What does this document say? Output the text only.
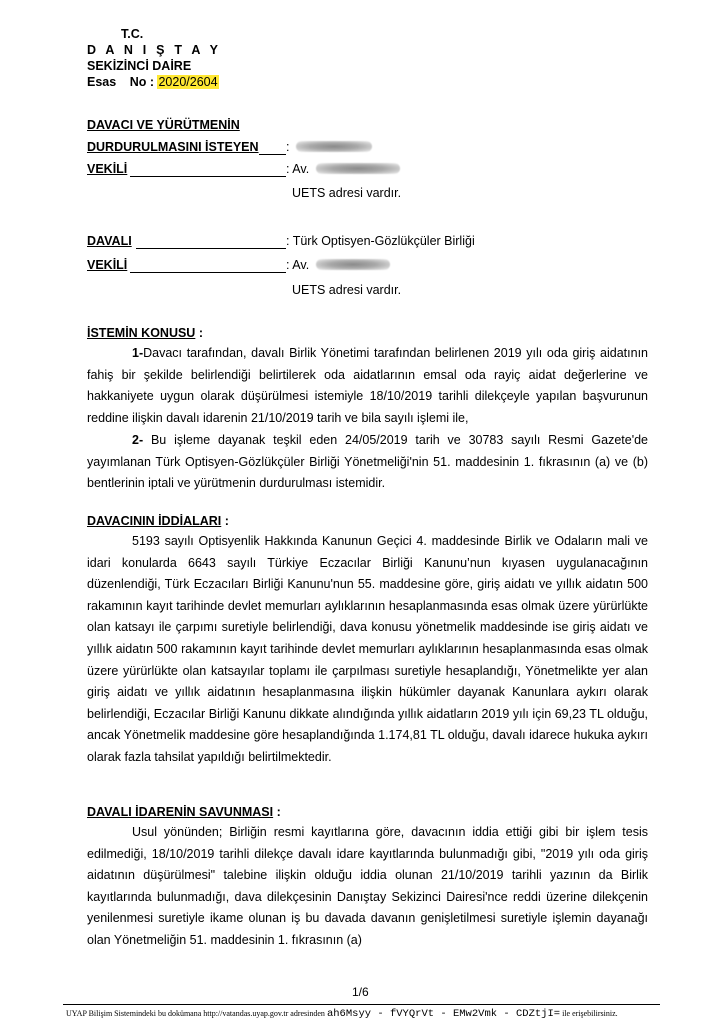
T.C.
D A N I Ş T A Y
SEKİZİNCİ DAİRE
Esas No : 2020/2604
DAVACI VE YÜRÜTMENİN
DURDURULMASINI İSTEYEN :
VEKİLİ	: Av.
UETS adresi vardır.
DAVALI	: Türk Optisyen-Gözlükçüler Birliği
VEKİLİ	: Av.
UETS adresi vardır.
İSTEMİN KONUSU :
1-Davacı tarafından, davalı Birlik Yönetimi tarafından belirlenen 2019 yılı oda giriş aidatının fahiş bir şekilde belirlendiği belirtilerek oda aidatlarının emsal oda rayiç aidat değerlerine ve hakkaniyete uygun olarak düşürülmesi istemiyle 18/10/2019 tarihli dilekçeyle yapılan başvurunun reddine ilişkin davalı idarenin 21/10/2019 tarih ve bila sayılı işlemi ile,
2- Bu işleme dayanak teşkil eden 24/05/2019 tarih ve 30783 sayılı Resmi Gazete'de yayımlanan Türk Optisyen-Gözlükçüler Birliği Yönetmeliği'nin 51. maddesinin 1. fıkrasının (a) ve (b) bentlerinin iptali ve yürütmenin durdurulması istemidir.
DAVACININ İDDİALARI :
5193 sayılı Optisyenlik Hakkında Kanunun Geçici 4. maddesinde Birlik ve Odaların mali ve idari konularda 6643 sayılı Türkiye Eczacılar Birliği Kanunu’nun kıyasen uygulanacağının düzenlendiği, Türk Eczacıları Birliği Kanunu'nun 55. maddesine göre, giriş aidatı ve yıllık aidatın 500 rakamının kayıt tarihinde devlet memurları aylıklarının hesaplanmasında esas olmak üzere yürürlükte olan katsayı ile çarpımı suretiyle belirlendiği, dava konusu yönetmelik maddesinde ise giriş aidatı ve yıllık aidatın 500 rakamının kayıt tarihinde devlet memurları aylıklarının hesaplanmasında esas olmak üzere yürürlükte olan katsayılar toplamı ile çarpılması suretiyle hesaplandığı, Yönetmelikte yer alan giriş aidatı ve yıllık aidatının hesaplanmasına ilişkin hükümler dayanak Kanunlara aykırı olarak belirlendiği, Eczacılar Birliği Kanunu dikkate alındığında yıllık aidatların 2019 yılı için 69,23 TL olduğu, ancak Yönetmelik maddesine göre hesaplandığında 1.174,81 TL olduğu, davalı idarece hukuka aykırı olarak fazla tahsilat yapıldığı belirtilmektedir.
DAVALI İDARENİN SAVUNMASI :
Usul yönünden; Birliğin resmi kayıtlarına göre, davacının iddia ettiği gibi bir işlem tesis edilmediği, 18/10/2019 tarihli dilekçe davalı idare kayıtlarında bulunmadığı gibi, "2019 yılı oda giriş aidatının düşürülmesi" talebine ilişkin olduğu iddia olunan 21/10/2019 tarihli yazının da Birlik kayıtlarında bulunmadığı, dava dilekçesinin Danıştay Sekizinci Dairesi'nce reddi üzerine dilekçenin yenilenmesi suretiyle ikame olunan iş bu davada davanın genişletilmesi suretiyle işlemin dayanağı olan Yönetmeliğin 51. maddesinin 1. fıkrasının (a)
1/6
UYAP Bilişim Sistemindeki bu dokümana http://vatandas.uyap.gov.tr adresinden ah6Msyy - fVYQrVt - EMw2Vmk - CDZtjI= ile erişebilirsiniz.
